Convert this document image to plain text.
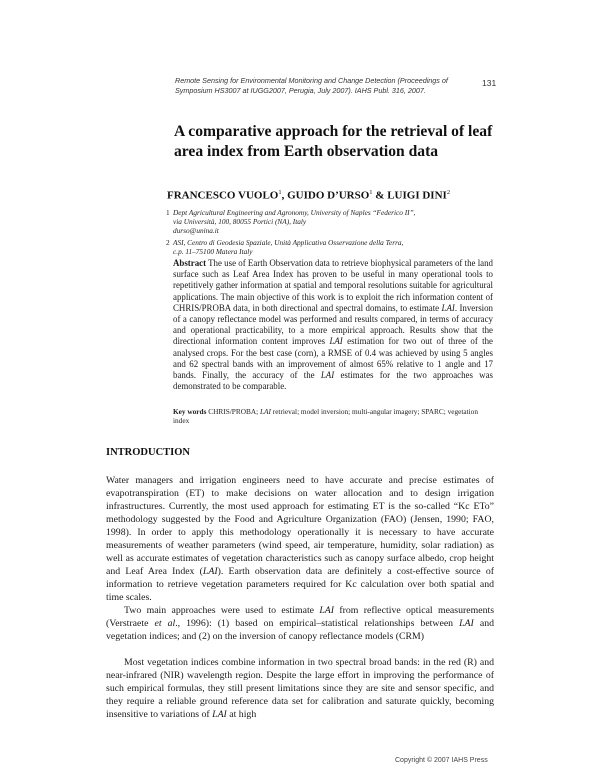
Remote Sensing for Environmental Monitoring and Change Detection (Proceedings of
Symposium HS3007 at IUGG2007, Perugia, July 2007). IAHS Publ. 316, 2007.
131
A comparative approach for the retrieval of leaf
area index from Earth observation data
FRANCESCO VUOLO$^1$, GUIDO D’URSO$^1$ & LUIGI DINI$^2$
1 Dept Agricultural Engineering and Agronomy, University of Naples “Federico II”,
via Università, 100, 80055 Portici (NA), Italy
durso@unina.it
2 ASI, Centro di Geodesia Spaziale, Unità Applicativa Osservazione della Terra,
c.p. 11–75100 Matera Italy

Abstract The use of Earth Observation data to retrieve biophysical parameters of the land surface such as Leaf Area Index has proven to be useful in many operational tools to repetitively gather information at spatial and temporal resolutions suitable for agricultural applications. The main objective of this work is to exploit the rich information content of CHRIS/PROBA data, in both directional and spectral domains, to estimate LAI. Inversion of a canopy reflectance model was performed and results compared, in terms of accuracy and operational practicability, to a more empirical approach. Results show that the directional information content improves LAI estimation for two out of three of the analysed crops. For the best case (corn), a RMSE of 0.4 was achieved by using 5 angles and 62 spectral bands with an improvement of almost 65% relative to 1 angle and 17 bands. Finally, the accuracy of the LAI estimates for the two approaches was demonstrated to be comparable.

Key words CHRIS/PROBA; LAI retrieval; model inversion; multi-angular imagery; SPARC; vegetation index

INTRODUCTION

Water managers and irrigation engineers need to have accurate and precise estimates of evapotranspiration (ET) to make decisions on water allocation and to design irrigation infrastructures. Currently, the most used approach for estimating ET is the so-called “Kc ETo” methodology suggested by the Food and Agriculture Organization (FAO) (Jensen, 1990; FAO, 1998). In order to apply this methodology operationally it is necessary to have accurate measurements of weather parameters (wind speed, air temperature, humidity, solar radiation) as well as accurate estimates of vegetation characteristics such as canopy surface albedo, crop height and Leaf Area Index (LAI). Earth observation data are definitely a cost-effective source of information to retrieve vegetation parameters required for Kc calculation over both spatial and time scales.

Two main approaches were used to estimate LAI from reflective optical measurements (Verstraete et al., 1996): (1) based on empirical–statistical relationships between LAI and vegetation indices; and (2) on the inversion of canopy reflectance models (CRM)

Most vegetation indices combine information in two spectral broad bands: in the red (R) and near-infrared (NIR) wavelength region. Despite the large effort in improving the performance of such empirical formulas, they still present limitations since they are site and sensor specific, and they require a reliable ground reference data set for calibration and saturate quickly, becoming insensitive to variations of LAI at high

Copyright © 2007 IAHS Press
